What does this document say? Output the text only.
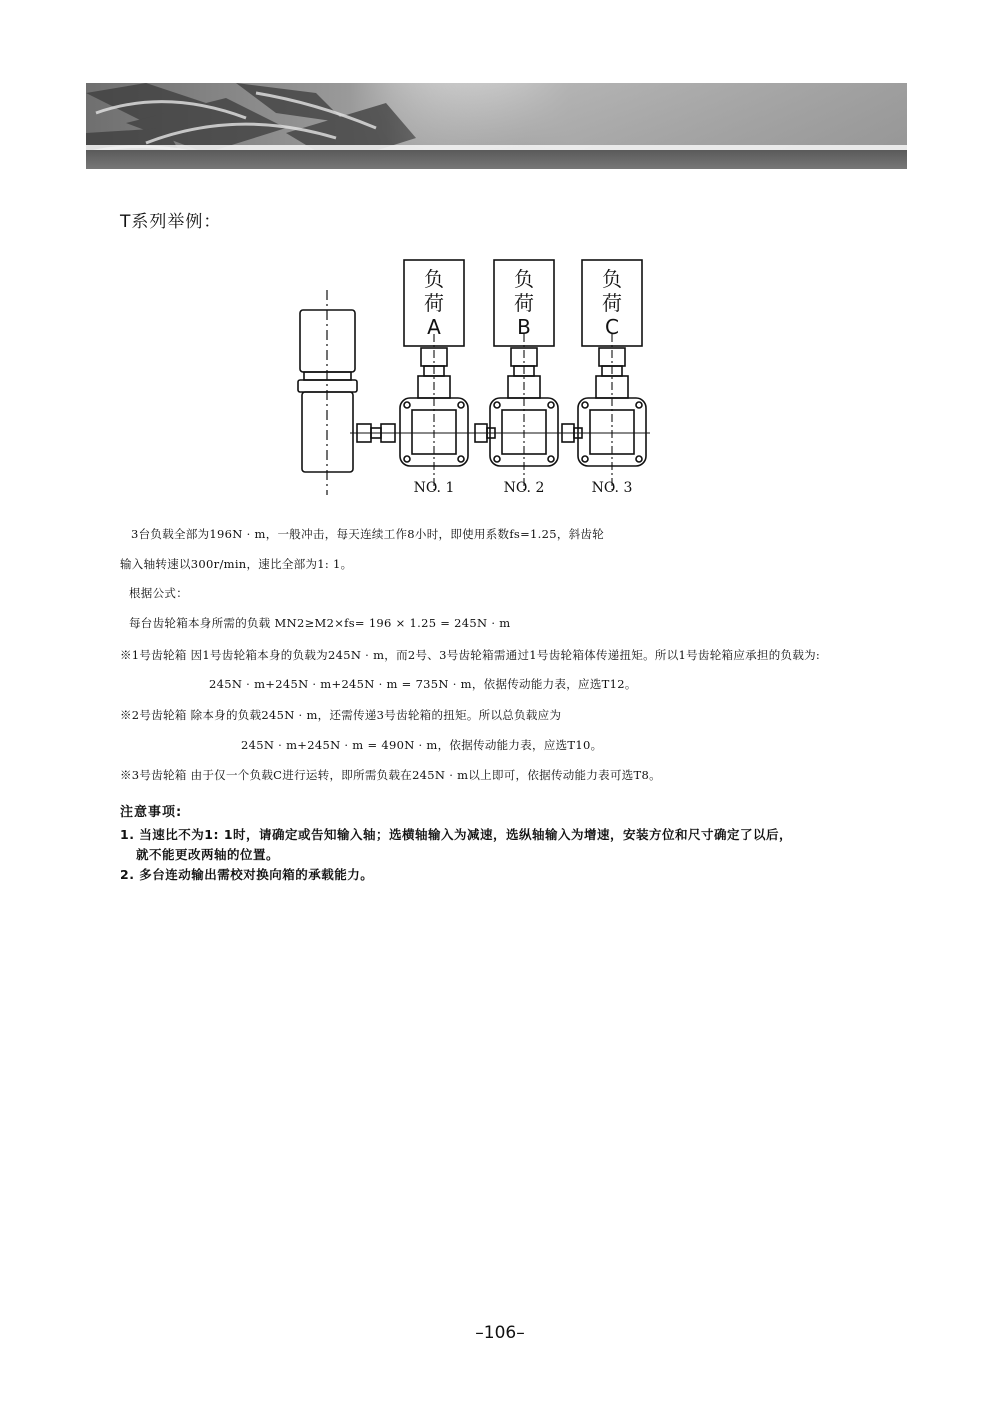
T系列举例：
负
荷
A
负
荷
B
负
荷
C
NO. 1	NO. 2	NO. 3
3台负载全部为196N · m，一般冲击，每天连续工作8小时，即使用系数fs=1.25，斜齿轮
输入轴转速以300r/min，速比全部为1: 1。
根据公式：
每台齿轮箱本身所需的负载 MN2≥M2×fs= 196 × 1.25 = 245N · m
※1号齿轮箱 因1号齿轮箱本身的负载为245N · m，而2号、3号齿轮箱需通过1号齿轮箱体传递扭矩。所以1号齿轮箱应承担的负载为:
245N · m+245N · m+245N · m = 735N · m，依据传动能力表，应选T12。
※2号齿轮箱 除本身的负载245N · m，还需传递3号齿轮箱的扭矩。所以总负载应为
245N · m+245N · m = 490N · m，依据传动能力表，应选T10。
※3号齿轮箱 由于仅一个负载C进行运转，即所需负载在245N · m以上即可，依据传动能力表可选T8。
注意事项:
1. 当速比不为1: 1时，请确定或告知输入轴；选横轴输入为减速，选纵轴输入为增速，安装方位和尺寸确定了以后，
就不能更改两轴的位置。
2. 多台连动输出需校对换向箱的承载能力。
–106–
